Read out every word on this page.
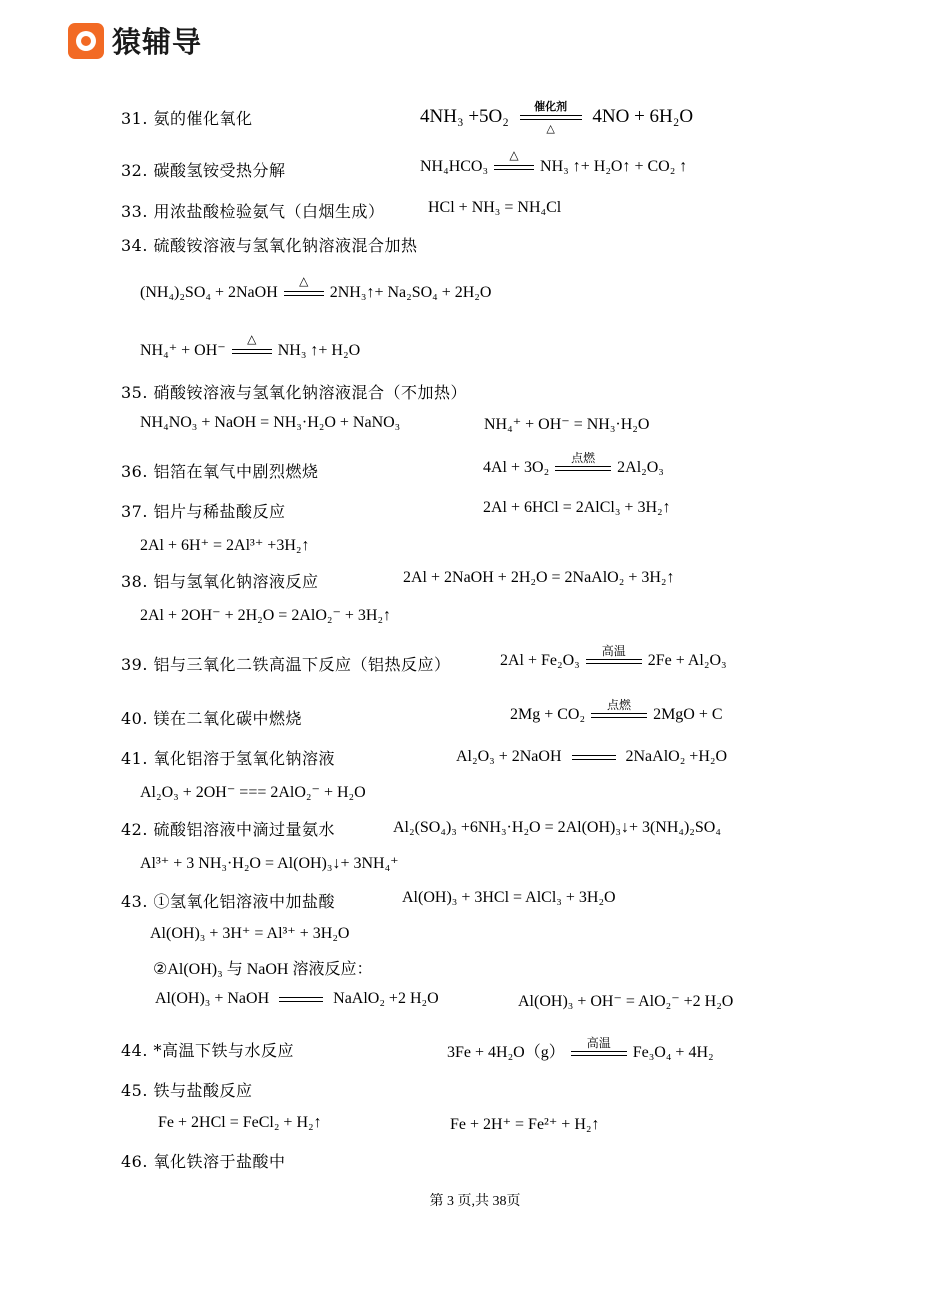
猿辅导
31. 氨的催化氧化	4NH₃ +5O₂	催化剂
△
4NO + 6H₂O
32. 碳酸氢铵受热分解	NH₄HCO₃
△
NH₃ ↑+ H₂O↑ + CO₂ ↑
33. 用浓盐酸检验氨气（白烟生成）	HCl + NH₃ = NH₄Cl
34. 硫酸铵溶液与氢氧化钠溶液混合加热
(NH₄)₂SO₄ + 2NaOH
△
2NH₃↑+ Na₂SO₄ + 2H₂O
NH₄⁺ + OH⁻
△
NH₃ ↑+ H₂O
35. 硝酸铵溶液与氢氧化钠溶液混合（不加热）
NH₄NO₃ + NaOH = NH₃·H₂O + NaNO₃	NH₄⁺ + OH⁻ = NH₃·H₂O
36. 铝箔在氧气中剧烈燃烧	4Al + 3O₂
点燃
2Al₂O₃
37. 铝片与稀盐酸反应	2Al + 6HCl = 2AlCl₃ + 3H₂↑
2Al + 6H⁺ = 2Al³⁺ +3H₂↑
38. 铝与氢氧化钠溶液反应	2Al + 2NaOH + 2H₂O = 2NaAlO₂ + 3H₂↑
2Al + 2OH⁻ + 2H₂O = 2AlO₂⁻ + 3H₂↑
39. 铝与三氧化二铁高温下反应（铝热反应）	2Al + Fe₂O₃
高温
2Fe + Al₂O₃
40. 镁在二氧化碳中燃烧	2Mg + CO₂
点燃
2MgO + C
41. 氧化铝溶于氢氧化钠溶液	Al₂O₃ + 2NaOH	2NaAlO₂ +H₂O
Al₂O₃ + 2OH⁻ === 2AlO₂⁻ + H₂O
42. 硫酸铝溶液中滴过量氨水	Al₂(SO₄)₃ +6NH₃·H₂O = 2Al(OH)₃↓+ 3(NH₄)₂SO₄
Al³⁺ + 3 NH₃·H₂O = Al(OH)₃↓+ 3NH₄⁺
43. ①氢氧化铝溶液中加盐酸	Al(OH)₃ + 3HCl = AlCl₃ + 3H₂O
Al(OH)₃ + 3H⁺ = Al³⁺ + 3H₂O
②Al(OH)₃ 与 NaOH 溶液反应：
Al(OH)₃ + NaOH	NaAlO₂ +2 H₂O	Al(OH)₃ + OH⁻ = AlO₂⁻ +2 H₂O
44. *高温下铁与水反应	3Fe + 4H₂O（g）
高温
Fe₃O₄ + 4H₂
45. 铁与盐酸反应
Fe + 2HCl = FeCl₂ + H₂↑	Fe + 2H⁺ = Fe²⁺ + H₂↑
46. 氧化铁溶于盐酸中
第 3 页,共 38页
